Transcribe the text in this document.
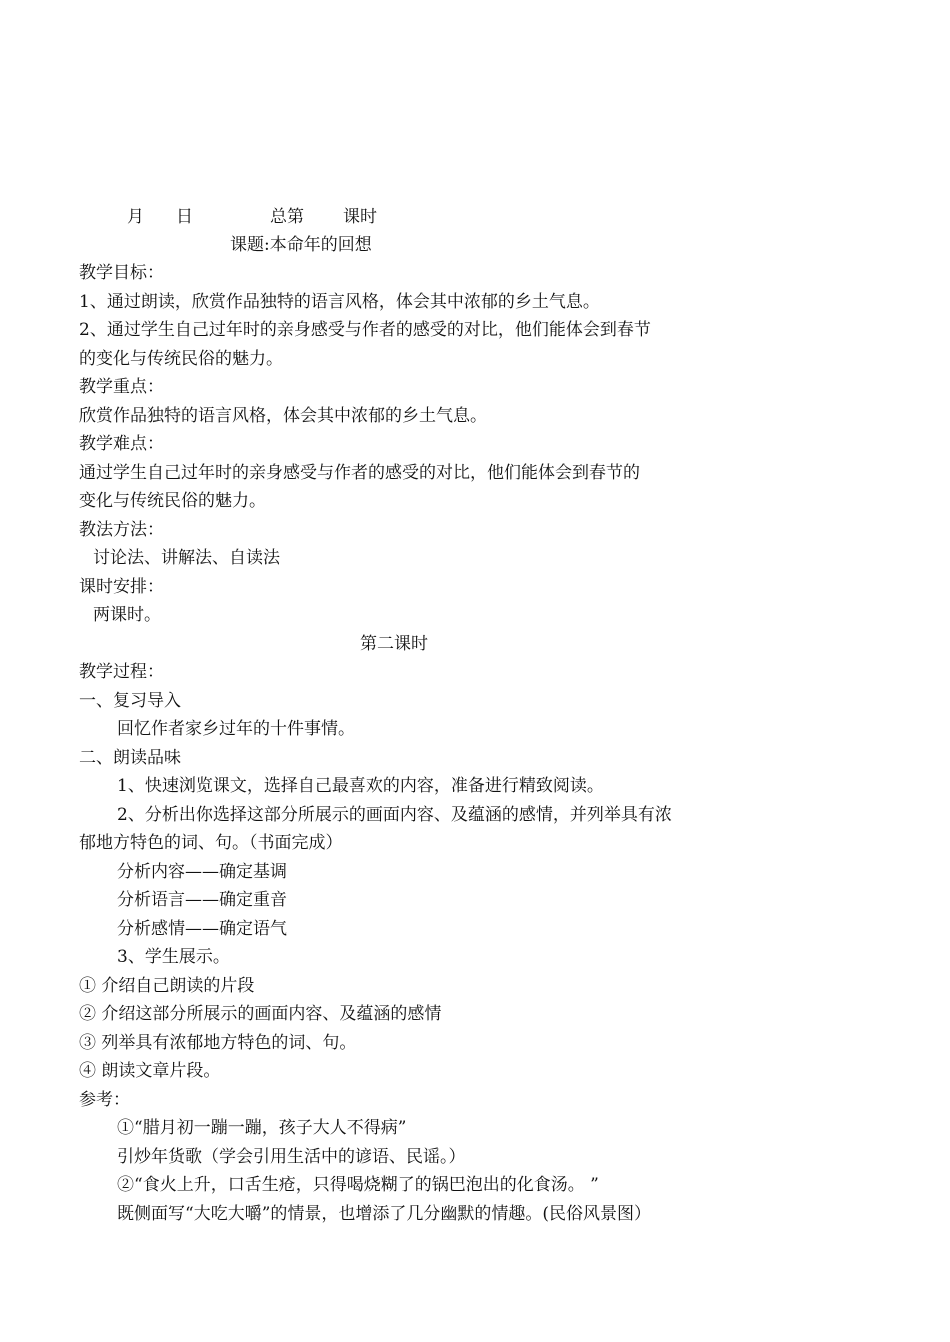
月 日	总第 课时
课题:本命年的回想
教学目标：
1、通过朗读，欣赏作品独特的语言风格，体会其中浓郁的乡土气息。
2、通过学生自己过年时的亲身感受与作者的感受的对比，他们能体会到春节
的变化与传统民俗的魅力。
教学重点：
欣赏作品独特的语言风格，体会其中浓郁的乡土气息。
教学难点：
通过学生自己过年时的亲身感受与作者的感受的对比，他们能体会到春节的
变化与传统民俗的魅力。
教法方法：
讨论法、讲解法、自读法
课时安排：
两课时。
第二课时
教学过程：
一、复习导入
回忆作者家乡过年的十件事情。
二、朗读品味
1、快速浏览课文，选择自己最喜欢的内容，准备进行精致阅读。
2、分析出你选择这部分所展示的画面内容、及蕴涵的感情，并列举具有浓
郁地方特色的词、句。（书面完成）
分析内容——确定基调
分析语言——确定重音
分析感情——确定语气
3、学生展示。
① 介绍自己朗读的片段
② 介绍这部分所展示的画面内容、及蕴涵的感情
③ 列举具有浓郁地方特色的词、句。
④ 朗读文章片段。
参考：
①“腊月初一蹦一蹦，孩子大人不得病”
引炒年货歌（学会引用生活中的谚语、民谣。）
②“食火上升，口舌生疮，只得喝烧糊了的锅巴泡出的化食汤。 ”
既侧面写“大吃大嚼”的情景，也增添了几分幽默的情趣。(民俗风景图）
